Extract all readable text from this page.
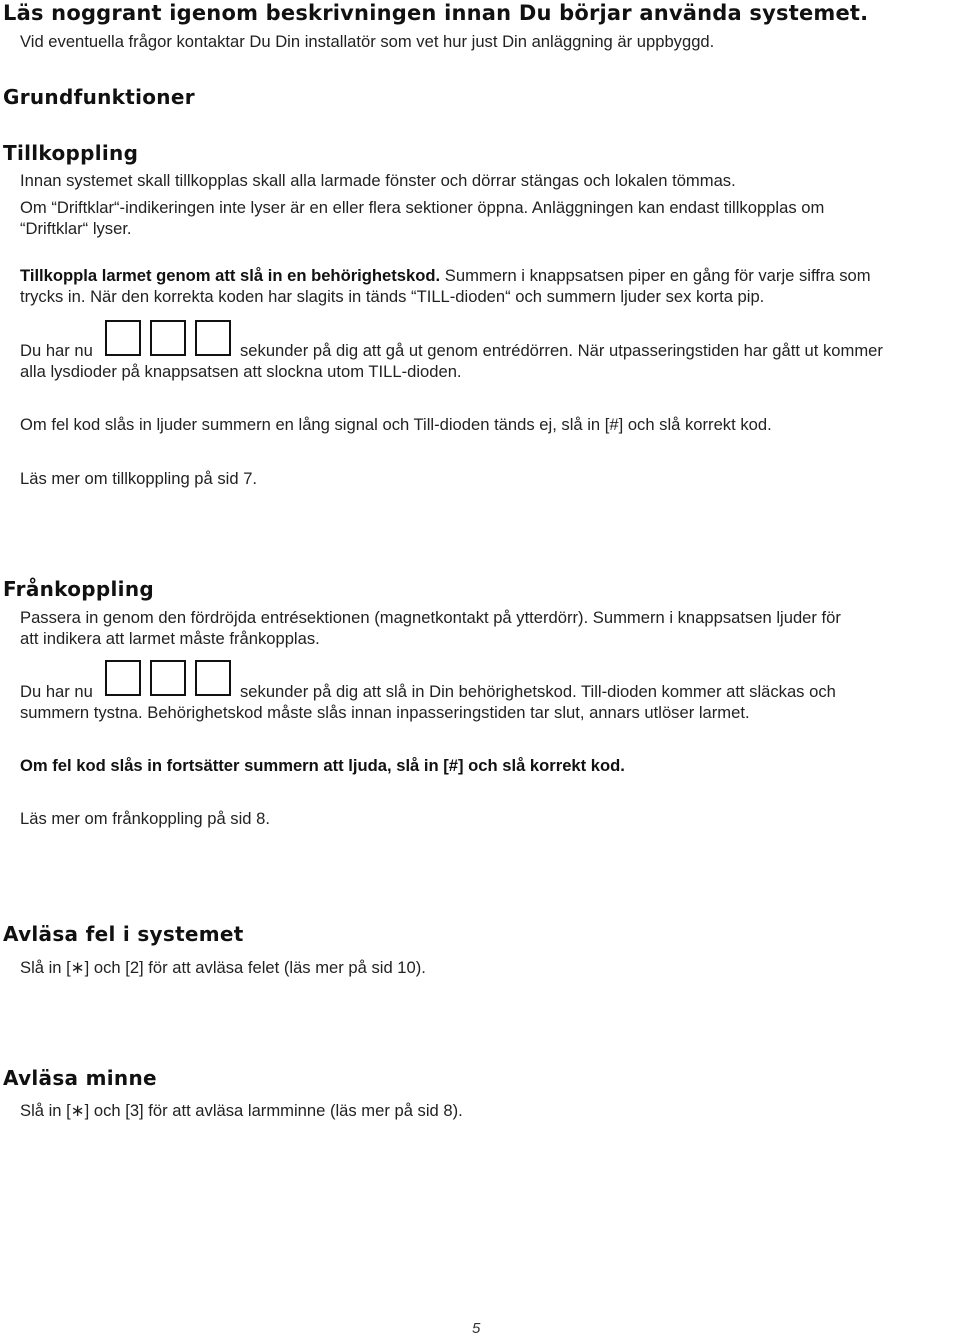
Läs noggrant igenom beskrivningen innan Du börjar använda systemet.
Vid eventuella frågor kontaktar Du Din installatör som vet hur just Din anläggning är uppbyggd.
Grundfunktioner
Tillkoppling
Innan systemet skall tillkopplas skall alla larmade fönster och dörrar stängas och lokalen tömmas.
Om “Driftklar“-indikeringen inte lyser är en eller flera sektioner öppna. Anläggningen kan endast tillkopplas om
“Driftklar“ lyser.
Tillkoppla larmet genom att slå in en behörighetskod. Summern i knappsatsen piper en gång för varje siffra som
trycks in. När den korrekta koden har slagits in tänds “TILL-dioden“ och summern ljuder sex korta pip.
Du har nu	sekunder på dig att gå ut genom entrédörren. När utpasseringstiden har gått ut kommer
alla lysdioder på knappsatsen att slockna utom TILL-dioden.
Om fel kod slås in ljuder summern en lång signal och Till-dioden tänds ej, slå in [#] och slå korrekt kod.
Läs mer om tillkoppling på sid 7.
Frånkoppling
Passera in genom den fördröjda entrésektionen (magnetkontakt på ytterdörr). Summern i knappsatsen ljuder för
att indikera att larmet måste frånkopplas.
Du har nu	sekunder på dig att slå in Din behörighetskod. Till-dioden kommer att släckas och
summern tystna. Behörighetskod måste slås innan inpasseringstiden tar slut, annars utlöser larmet.
Om fel kod slås in fortsätter summern att ljuda, slå in [#] och slå korrekt kod.
Läs mer om frånkoppling på sid 8.
Avläsa fel i systemet
Slå in [∗] och [2] för att avläsa felet (läs mer på sid 10).
Avläsa minne
Slå in [∗] och [3] för att avläsa larmminne (läs mer på sid 8).
5
